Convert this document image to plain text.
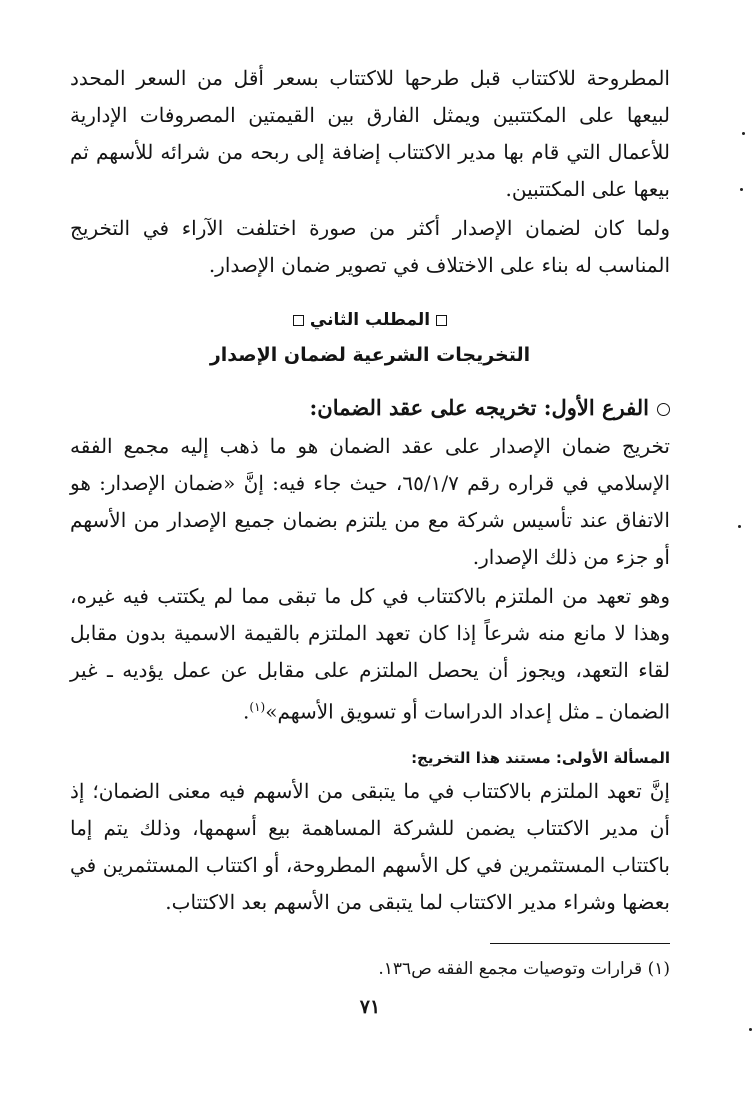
المطروحة للاكتتاب قبل طرحها للاكتتاب بسعر أقل من السعر المحدد لبيعها على المكتتبين ويمثل الفارق بين القيمتين المصروفات الإدارية للأعمال التي قام بها مدير الاكتتاب إضافة إلى ربحه من شرائه للأسهم ثم بيعها على المكتتبين.

ولما كان لضمان الإصدار أكثر من صورة اختلفت الآراء في التخريج المناسب له بناء على الاختلاف في تصوير ضمان الإصدار.

المطلب الثاني
التخريجات الشرعية لضمان الإصدار
الفرع الأول: تخريجه على عقد الضمان:

تخريج ضمان الإصدار على عقد الضمان هو ما ذهب إليه مجمع الفقه الإسلامي في قراره رقم ٦٥/١/٧، حيث جاء فيه: إنَّ «ضمان الإصدار: هو الاتفاق عند تأسيس شركة مع من يلتزم بضمان جميع الإصدار من الأسهم أو جزء من ذلك الإصدار.

وهو تعهد من الملتزم بالاكتتاب في كل ما تبقى مما لم يكتتب فيه غيره، وهذا لا مانع منه شرعاً إذا كان تعهد الملتزم بالقيمة الاسمية بدون مقابل لقاء التعهد، ويجوز أن يحصل الملتزم على مقابل عن عمل يؤديه ـ غير الضمان ـ مثل إعداد الدراسات أو تسويق الأسهم»$^{(١)}$.

المسألة الأولى: مستند هذا التخريج:

إنَّ تعهد الملتزم بالاكتتاب في ما يتبقى من الأسهم فيه معنى الضمان؛ إذ أن مدير الاكتتاب يضمن للشركة المساهمة بيع أسهمها، وذلك يتم إما باكتتاب المستثمرين في كل الأسهم المطروحة، أو اكتتاب المستثمرين في بعضها وشراء مدير الاكتتاب لما يتبقى من الأسهم بعد الاكتتاب.

(١) قرارات وتوصيات مجمع الفقه ص١٣٦.

٧١
